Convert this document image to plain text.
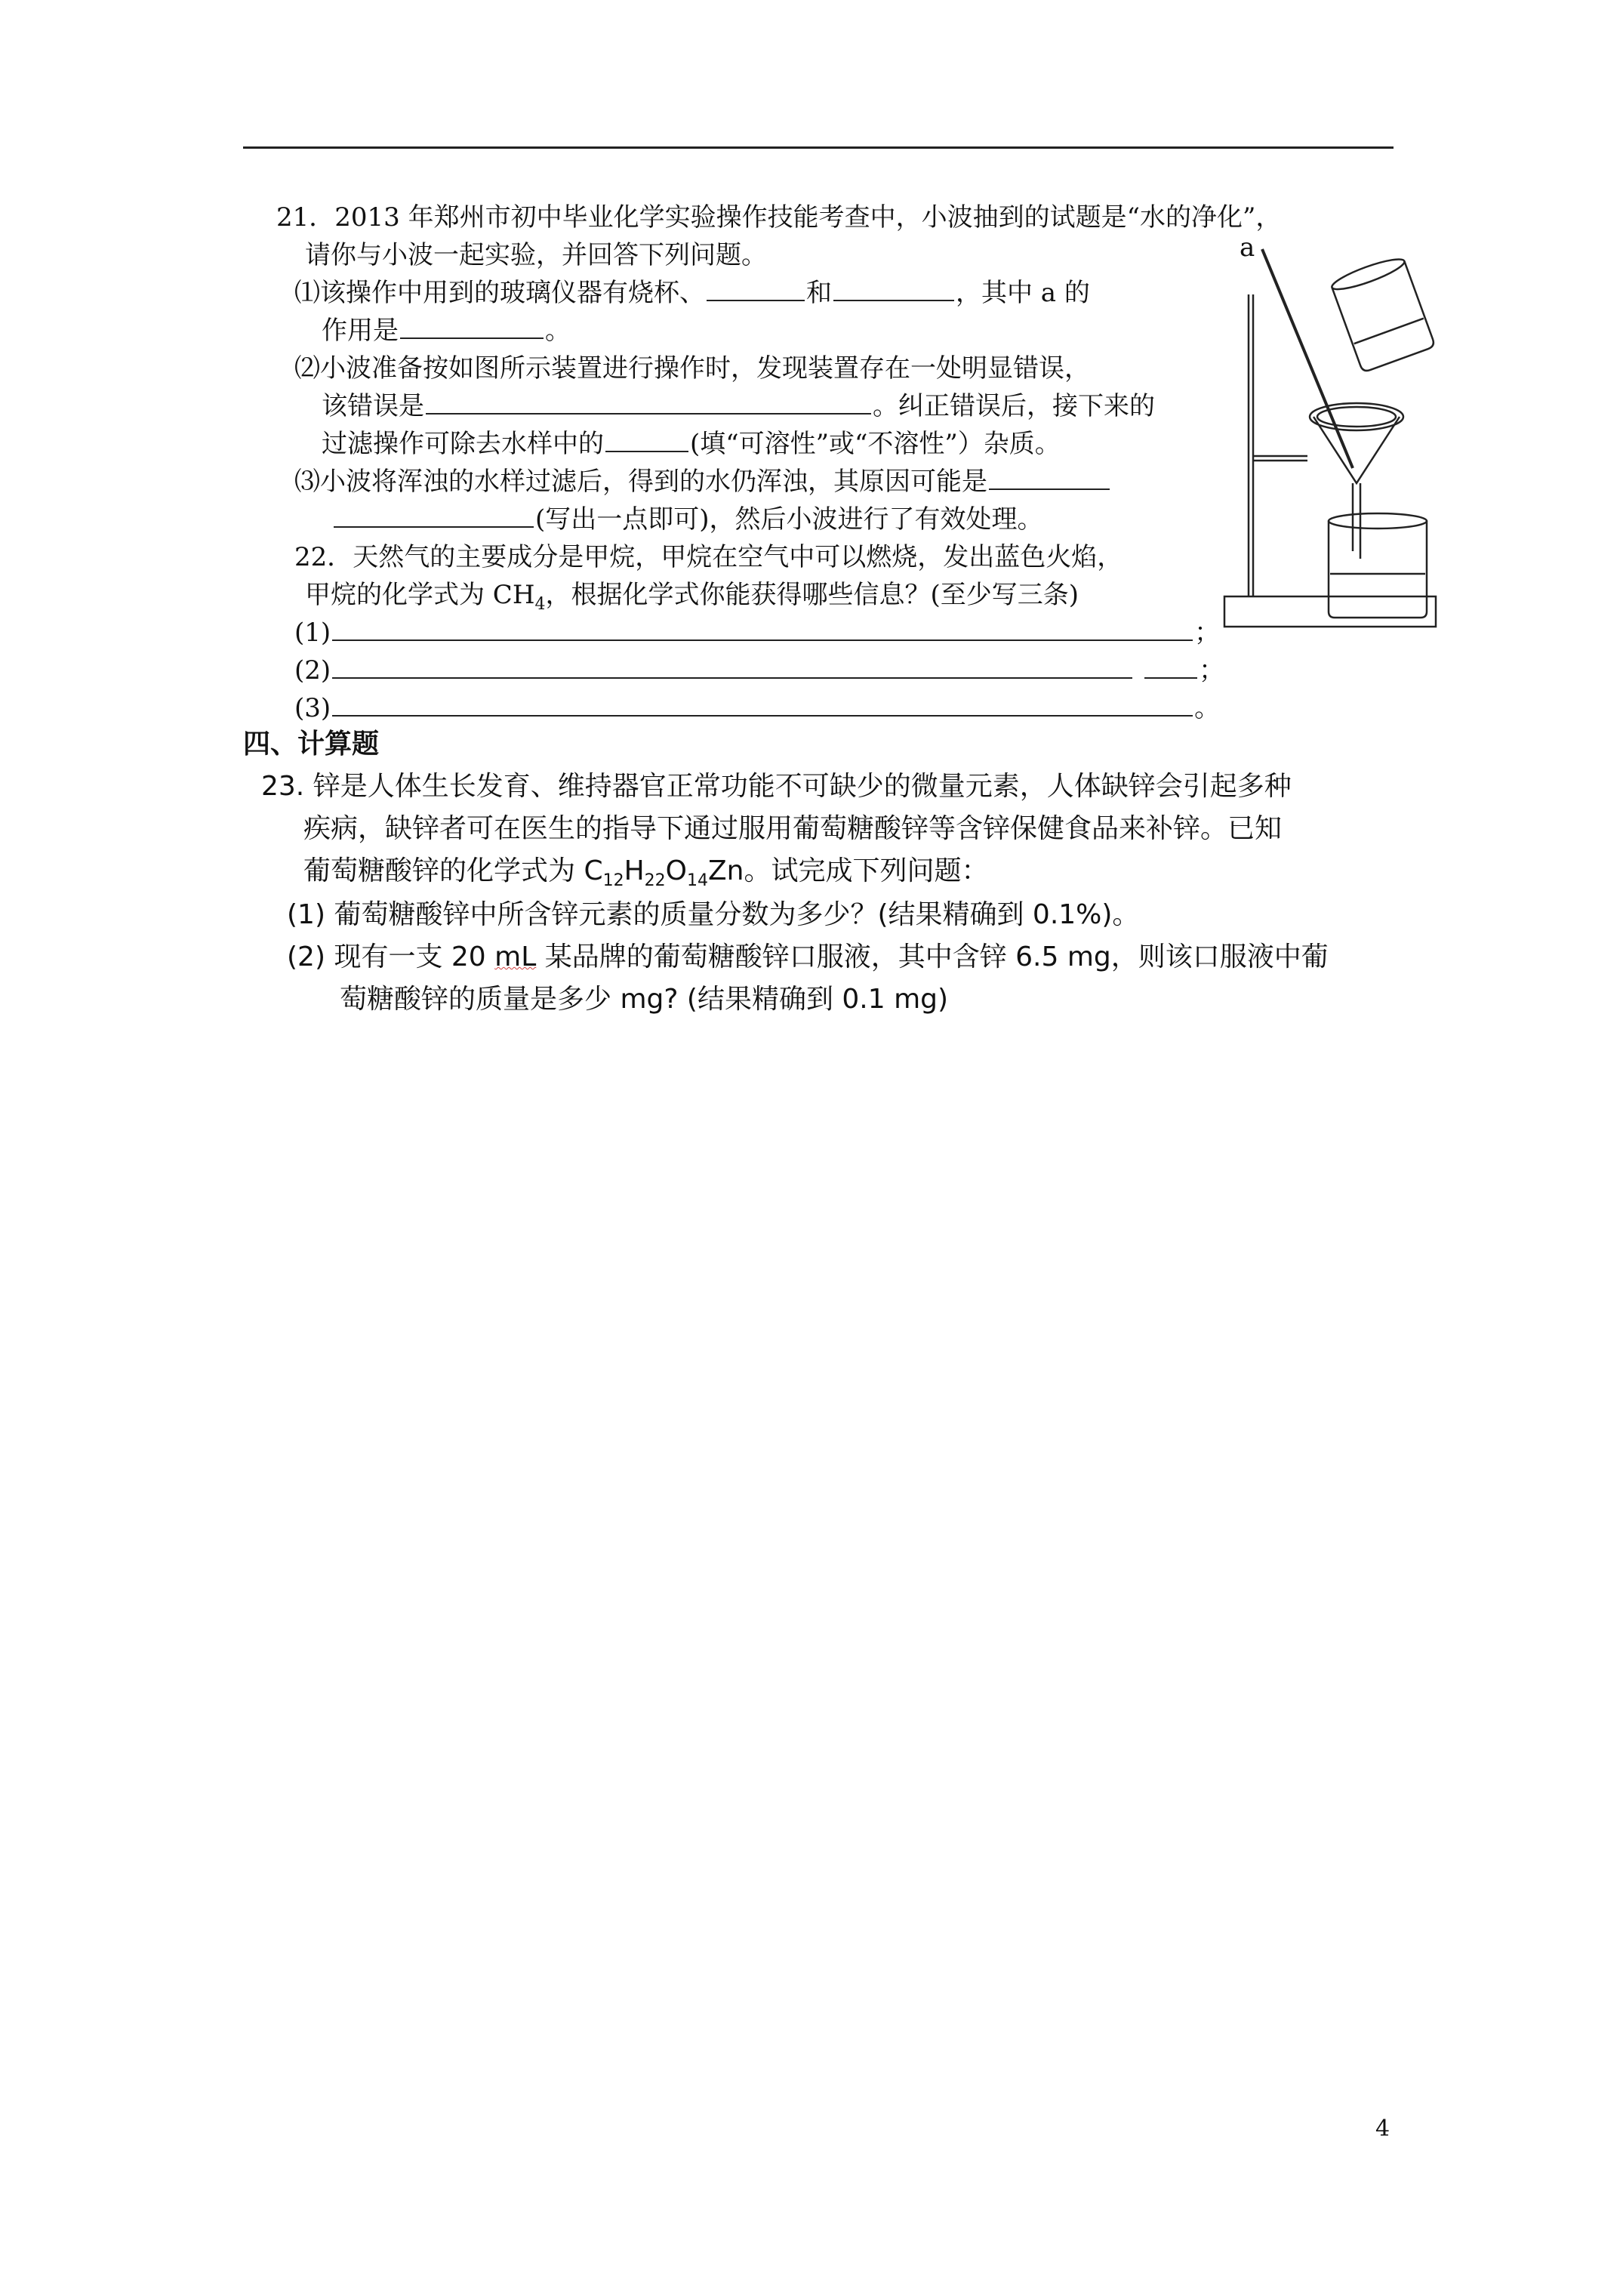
21．2013 年郑州市初中毕业化学实验操作技能考查中，小波抽到的试题是“水的净化”，
请你与小波一起实验，并回答下列问题。
⑴该操作中用到的玻璃仪器有烧杯、	和	，其中 a 的
作用是	。
⑵小波准备按如图所示装置进行操作时，发现装置存在一处明显错误，
该错误是	。纠正错误后，接下来的
过滤操作可除去水样中的	(填“可溶性”或“不溶性”）杂质。
⑶小波将浑浊的水样过滤后，得到的水仍浑浊，其原因可能是
(写出一点即可)，然后小波进行了有效处理。
22．天然气的主要成分是甲烷，甲烷在空气中可以燃烧，发出蓝色火焰，
甲烷的化学式为 $CH_4$，根据化学式你能获得哪些信息？(至少写三条)
(1)	；
(2)	；
(3)	。
四、计算题
23. 锌是人体生长发育、维持器官正常功能不可缺少的微量元素，人体缺锌会引起多种
疾病，缺锌者可在医生的指导下通过服用葡萄糖酸锌等含锌保健食品来补锌。已知
葡萄糖酸锌的化学式为 $C_{12}H_{22}O_{14}Zn$。试完成下列问题：
(1) 葡萄糖酸锌中所含锌元素的质量分数为多少？(结果精确到 0.1%)。
(2) 现有一支 20 mL 某品牌的葡萄糖酸锌口服液，其中含锌 6.5 mg，则该口服液中葡
萄糖酸锌的质量是多少 mg? (结果精确到 0.1 mg)
a
4
